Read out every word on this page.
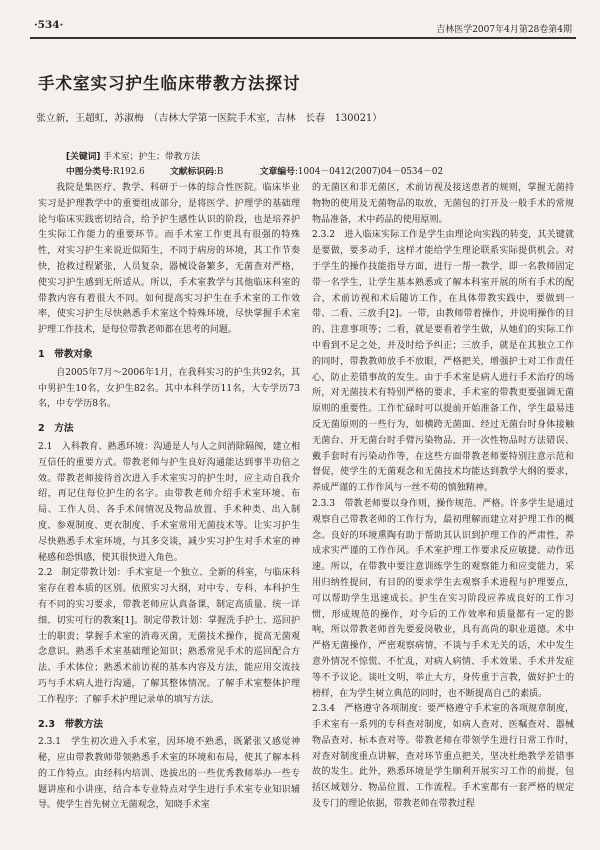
·534·	吉林医学2007年4月第28卷第4期
手术室实习护生临床带教方法探讨
张立新，王超虹，苏淑梅　（吉林大学第一医院手术室，吉林　长春　130021）
[关键词] 手术室；护生；带教方法
中图分类号:R192.6	文献标识码:B	文章编号:1004－0412(2007)04－0534－02

我院是集医疗、教学、科研于一体的综合性医院。临床毕业实习是护理教学中的重要组成部分，是将医学、护理学的基础理论与临床实践密切结合，给予护生感性认识的阶段，也是培养护生实际工作能力的重要环节。而手术室工作更具有很强的特殊性，对实习护生来说近似陌生，不同于病房的环境，其工作节奏快，抢救过程紧张，人员复杂，器械设备繁多，无菌查对严格，使实习护生感到无所适从。所以，手术室教学与其他临床科室的带教内容有着很大不同。如何提高实习护生在手术室的工作效率，使实习护生尽快熟悉手术室这个特殊环境，尽快掌握手术室护理工作技术，是每位带教老师都在思考的问题。

1　带教对象

自2005年7月～2006年1月，在我科实习的护生共92名，其中男护生10名，女护生82名。其中本科学历11名，大专学历73名，中专学历8名。

2　方法

2.1　入科教育、熟悉环境：沟通是人与人之间消除隔阂，建立相互信任的重要方式。带教老师与护生良好沟通能达到事半功倍之效。带教老师接待首次进入手术室实习的护生时，应主动自我介绍，再记住每位护生的名字。由带教老师介绍手术室环境、布局、工作人员、各手术间情况及物品放置、手术种类、出入制度、参观制度、更衣制度、手术室常用无菌技术等。让实习护生尽快熟悉手术室环境，与其多交谈，减少实习护生对手术室的神秘感和恐惧感，使其很快进入角色。

2.2　制定带教计划：手术室是一个独立、全新的科室，与临床科室存在着本质的区别。依照实习大纲，对中专、专科、本科护生有不同的实习要求，带教老师应认真备课，制定高质量、统一详细、切实可行的教案[1]。制定带教计划：掌握洗手护士、巡回护士的职责；掌握手术室的消毒灭菌，无菌技术操作，提高无菌观念意识。熟悉手术室基础理论知识；熟悉常见手术的巡回配合方法、手术体位；熟悉术前访视的基本内容及方法，能应用交流技巧与手术病人进行沟通，了解其整体情况。了解手术室整体护理工作程序；了解手术护理记录单的填写方法。

2.3　带教方法

2.3.1　学生初次进入手术室，因环境不熟悉，既紧张又感觉神秘，应由带教教师带领熟悉手术室的环境和布局，使其了解本科的工作特点。由经科内培训、选拔出的一些优秀教师举办一些专题讲座和小讲座，结合本专业特点对学生进行手术室专业知识辅导。使学生首先树立无菌观念，知晓手术室

的无菌区和非无菌区，术前访视及接送患者的规则，掌握无菌持物物的使用及无菌物品的取放，无菌包的打开及一般手术的常规物品准备，术中药品的使用原则。

2.3.2　进入临床实际工作是学生由理论向实践的转变，其关键就是要做，要多动手，这样才能给学生理论联系实际提供机会。对于学生的操作技能指导方面，进行一帮一教学，即一名教师固定带一名学生，让学生基本熟悉或了解本科室开展的所有手术的配合，术前访视和术后随访工作，在具体带教实践中，要做到一带、二看、三放手[2]。一带，由教师带着操作，并说明操作的目的、注意事项等；二看，就是要看着学生做，从她们的实际工作中看到不足之处，并及时给予纠正；三放手，就是在其独立工作的同时，带教教师放手不放眼，严格把关，增强护士对工作责任心，防止差错事故的发生。由于手术室是病人进行手术治疗的场所，对无菌技术有特别严格的要求，手术室的带教更要强调无菌原则的重要性。工作忙碌时可以提前开始准备工作，学生最易违反无菌原则的一些行为，如横跨无菌面、经过无菌台时身体接触无菌台、开无菌台时手臂污染物品、开一次性物品时方法错误、戴手套时有污染动作等，在这些方面带教老师要特别注意示范和督促，使学生的无菌观念和无菌技术均能达到教学大纲的要求，养成严谨的工作作风与一丝不苟的慎独精神。

2.3.3　带教老师要以身作则，操作规范、严格。许多学生是通过观察自己带教老师的工作行为，最初理解而建立对护理工作的概念。良好的环境熏陶有助于帮助其认识到护理工作的严肃性，养成求实严谨的工作作风。手术室护理工作要求反应敏捷、动作迅速。所以，在带教中要注意训练学生的观察能力和应变能力，采用归纳性提问，有目的的要求学生去观察手术进程与护理要点，可以帮助学生迅速成长。护生在实习阶段应养成良好的工作习惯，形成规范的操作，对今后的工作效率和质量都有一定的影响，所以带教老师首先要爱岗敬业，具有高尚的职业道德。术中严格无菌操作，严密观察病情，不谈与手术无关的话，术中发生意外情况不惊慌、不忙乱，对病人病情、手术效果、手术并发症等不予议论。谈吐文明，举止大方，身传重于言教，做好护士的榜样，在为学生树立典范的同时，也不断提高自己的素质。

2.3.4　严格遵守各项制度：要严格遵守手术室的各项规章制度，手术室有一系列的专科查对制度，如病人查对、医嘱查对、器械物品查对、标本查对等。带教老师在带领学生进行日常工作时，对查对制度重点讲解，查对环节重点把关，坚决杜绝教学差错事故的发生。此外，熟悉环境是学生顺利开展实习工作的前提，包括区域划分、物品位置、工作流程。手术室都有一套严格的规定及专门的理论依据，带教老师在带教过程
